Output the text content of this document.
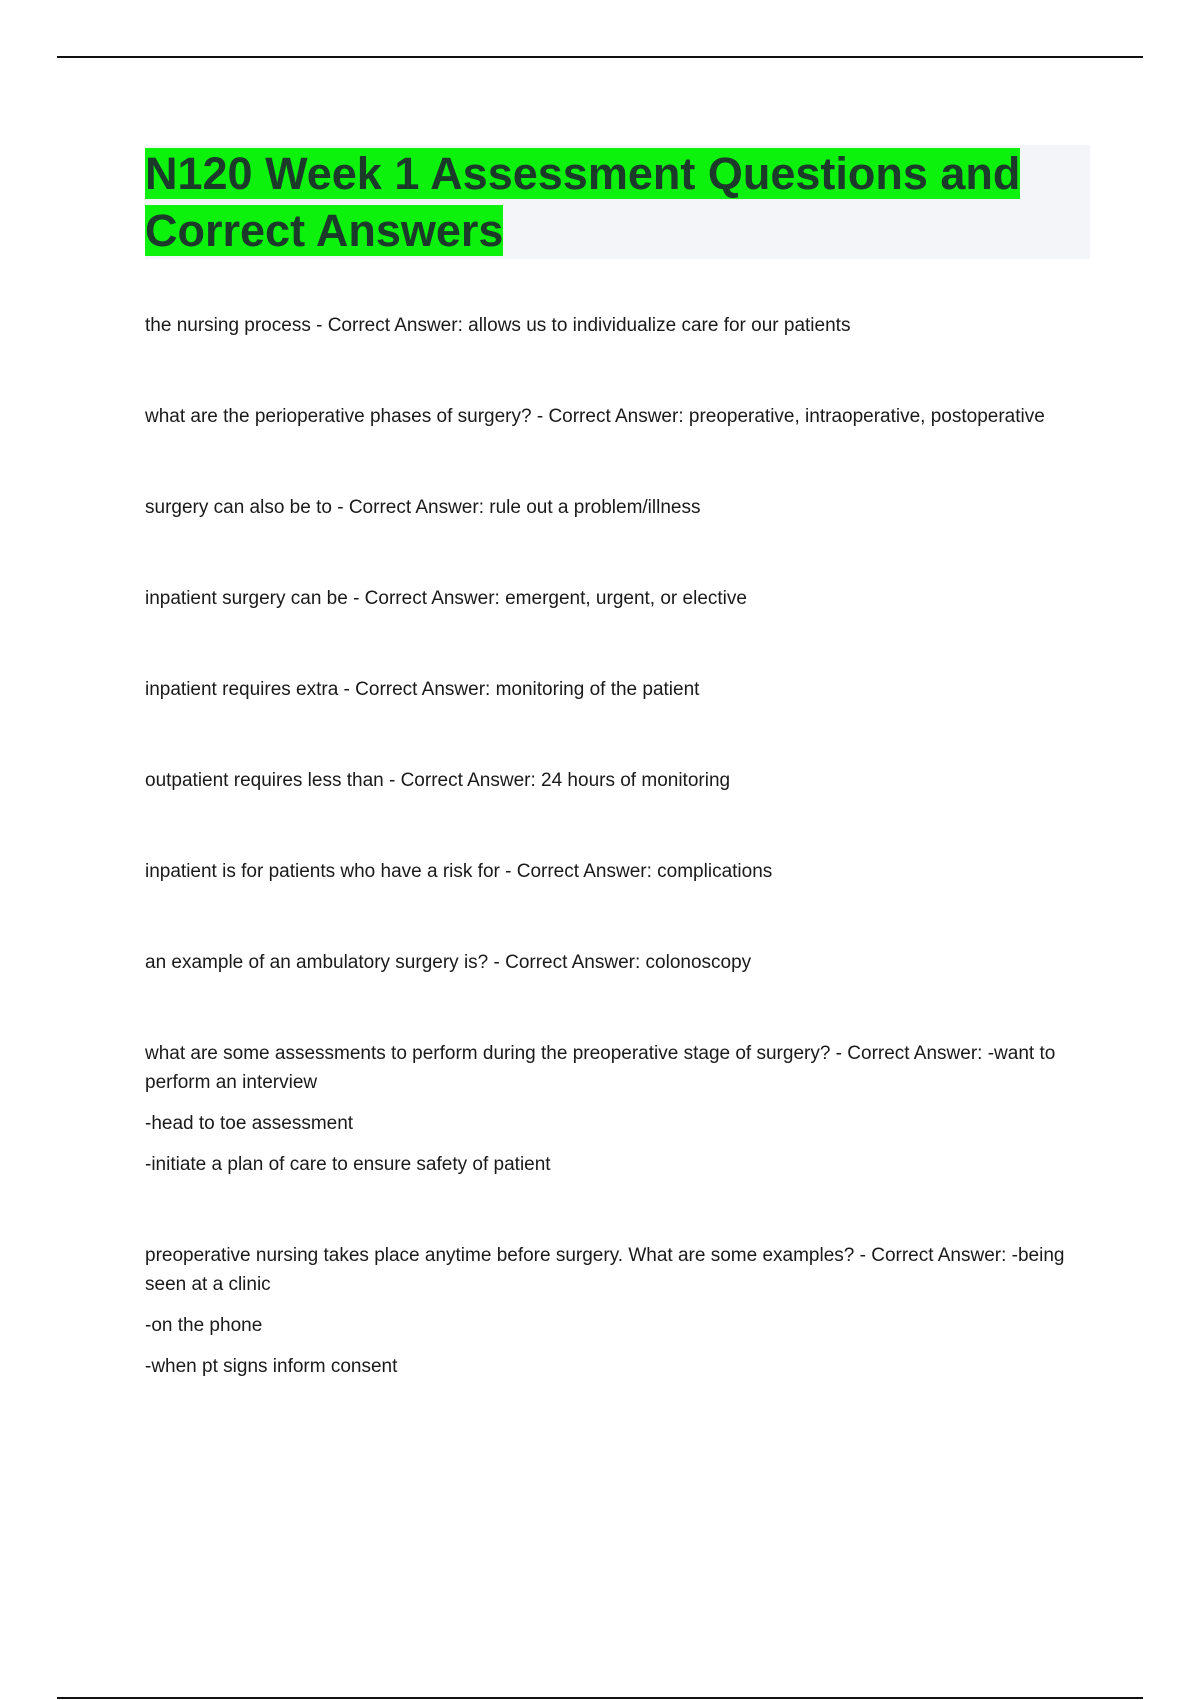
N120 Week 1 Assessment Questions and Correct Answers

the nursing process - Correct Answer: allows us to individualize care for our patients

what are the perioperative phases of surgery? - Correct Answer: preoperative, intraoperative, postoperative

surgery can also be to - Correct Answer: rule out a problem/illness

inpatient surgery can be - Correct Answer: emergent, urgent, or elective

inpatient requires extra - Correct Answer: monitoring of the patient

outpatient requires less than - Correct Answer: 24 hours of monitoring

inpatient is for patients who have a risk for - Correct Answer: complications

an example of an ambulatory surgery is? - Correct Answer: colonoscopy

what are some assessments to perform during the preoperative stage of surgery? - Correct Answer: -want to perform an interview

-head to toe assessment

-initiate a plan of care to ensure safety of patient

preoperative nursing takes place anytime before surgery. What are some examples? - Correct Answer: -being seen at a clinic

-on the phone

-when pt signs inform consent
